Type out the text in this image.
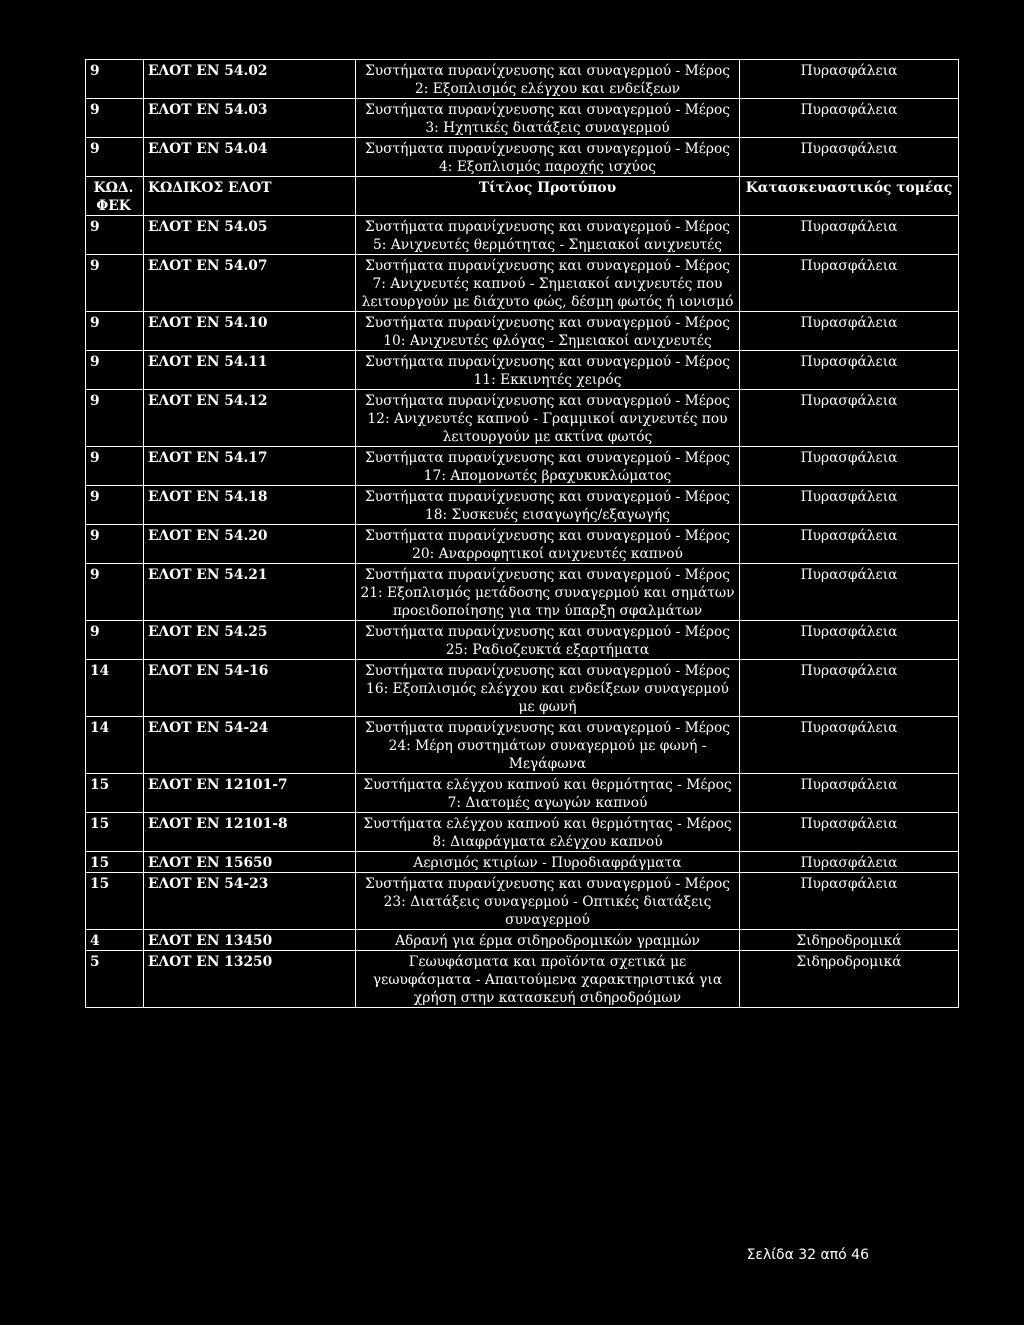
9	ΕΛΟΤ ΕΝ 54.02	Συστήματα πυρανίχνευσης και συναγερμού - Μέρος 2: Εξοπλισμός ελέγχου και ενδείξεων	Πυρασφάλεια
9	ΕΛΟΤ ΕΝ 54.03	Συστήματα πυρανίχνευσης και συναγερμού - Μέρος 3: Ηχητικές διατάξεις συναγερμού	Πυρασφάλεια
9	ΕΛΟΤ ΕΝ 54.04	Συστήματα πυρανίχνευσης και συναγερμού - Μέρος 4: Εξοπλισμός παροχής ισχύος	Πυρασφάλεια
ΚΩΔ. ΦΕΚ	ΚΩΔΙΚΟΣ ΕΛΟΤ	Τίτλος Προτύπου	Κατασκευαστικός τομέας
9	ΕΛΟΤ ΕΝ 54.05	Συστήματα πυρανίχνευσης και συναγερμού - Μέρος 5: Ανιχνευτές θερμότητας - Σημειακοί ανιχνευτές	Πυρασφάλεια
9	ΕΛΟΤ ΕΝ 54.07	Συστήματα πυρανίχνευσης και συναγερμού - Μέρος 7: Ανιχνευτές καπνού - Σημειακοί ανιχνευτές που λειτουργούν με διάχυτο φώς, δέσμη φωτός ή ιονισμό	Πυρασφάλεια
9	ΕΛΟΤ ΕΝ 54.10	Συστήματα πυρανίχνευσης και συναγερμού - Μέρος 10: Ανιχνευτές φλόγας - Σημειακοί ανιχνευτές	Πυρασφάλεια
9	ΕΛΟΤ ΕΝ 54.11	Συστήματα πυρανίχνευσης και συναγερμού - Μέρος 11: Εκκινητές χειρός	Πυρασφάλεια
9	ΕΛΟΤ ΕΝ 54.12	Συστήματα πυρανίχνευσης και συναγερμού - Μέρος 12: Ανιχνευτές καπνού - Γραμμικοί ανιχνευτές που λειτουργούν με ακτίνα φωτός	Πυρασφάλεια
9	ΕΛΟΤ ΕΝ 54.17	Συστήματα πυρανίχνευσης και συναγερμού - Μέρος 17: Απομονωτές βραχυκυκλώματος	Πυρασφάλεια
9	ΕΛΟΤ ΕΝ 54.18	Συστήματα πυρανίχνευσης και συναγερμού - Μέρος 18: Συσκευές εισαγωγής/εξαγωγής	Πυρασφάλεια
9	ΕΛΟΤ ΕΝ 54.20	Συστήματα πυρανίχνευσης και συναγερμού - Μέρος 20: Αναρροφητικοί ανιχνευτές καπνού	Πυρασφάλεια
9	ΕΛΟΤ ΕΝ 54.21	Συστήματα πυρανίχνευσης και συναγερμού - Μέρος 21: Εξοπλισμός μετάδοσης συναγερμού και σημάτων προειδοποίησης για την ύπαρξη σφαλμάτων	Πυρασφάλεια
9	ΕΛΟΤ ΕΝ 54.25	Συστήματα πυρανίχνευσης και συναγερμού - Μέρος 25: Ραδιοζευκτά εξαρτήματα	Πυρασφάλεια
14	ΕΛΟΤ ΕΝ 54-16	Συστήματα πυρανίχνευσης και συναγερμού - Μέρος 16: Εξοπλισμός ελέγχου και ενδείξεων συναγερμού με φωνή	Πυρασφάλεια
14	ΕΛΟΤ ΕΝ 54-24	Συστήματα πυρανίχνευσης και συναγερμού - Μέρος 24: Μέρη συστημάτων συναγερμού με φωνή - Μεγάφωνα	Πυρασφάλεια
15	ΕΛΟΤ ΕΝ 12101-7	Συστήματα ελέγχου καπνού και θερμότητας - Μέρος 7: Διατομές αγωγών καπνού	Πυρασφάλεια
15	ΕΛΟΤ ΕΝ 12101-8	Συστήματα ελέγχου καπνού και θερμότητας - Μέρος 8: Διαφράγματα ελέγχου καπνού	Πυρασφάλεια
15	ΕΛΟΤ ΕΝ 15650	Αερισμός κτιρίων - Πυροδιαφράγματα	Πυρασφάλεια
15	ΕΛΟΤ ΕΝ 54-23	Συστήματα πυρανίχνευσης και συναγερμού - Μέρος 23: Διατάξεις συναγερμού - Οπτικές διατάξεις συναγερμού	Πυρασφάλεια
4	ΕΛΟΤ ΕΝ 13450	Αδρανή για έρμα σιδηροδρομικών γραμμών	Σιδηροδρομικά
5	ΕΛΟΤ ΕΝ 13250	Γεωυφάσματα και προϊόντα σχετικά με γεωυφάσματα - Απαιτούμενα χαρακτηριστικά για χρήση στην κατασκευή σιδηροδρόμων	Σιδηροδρομικά
Σελίδα 32 από 46
